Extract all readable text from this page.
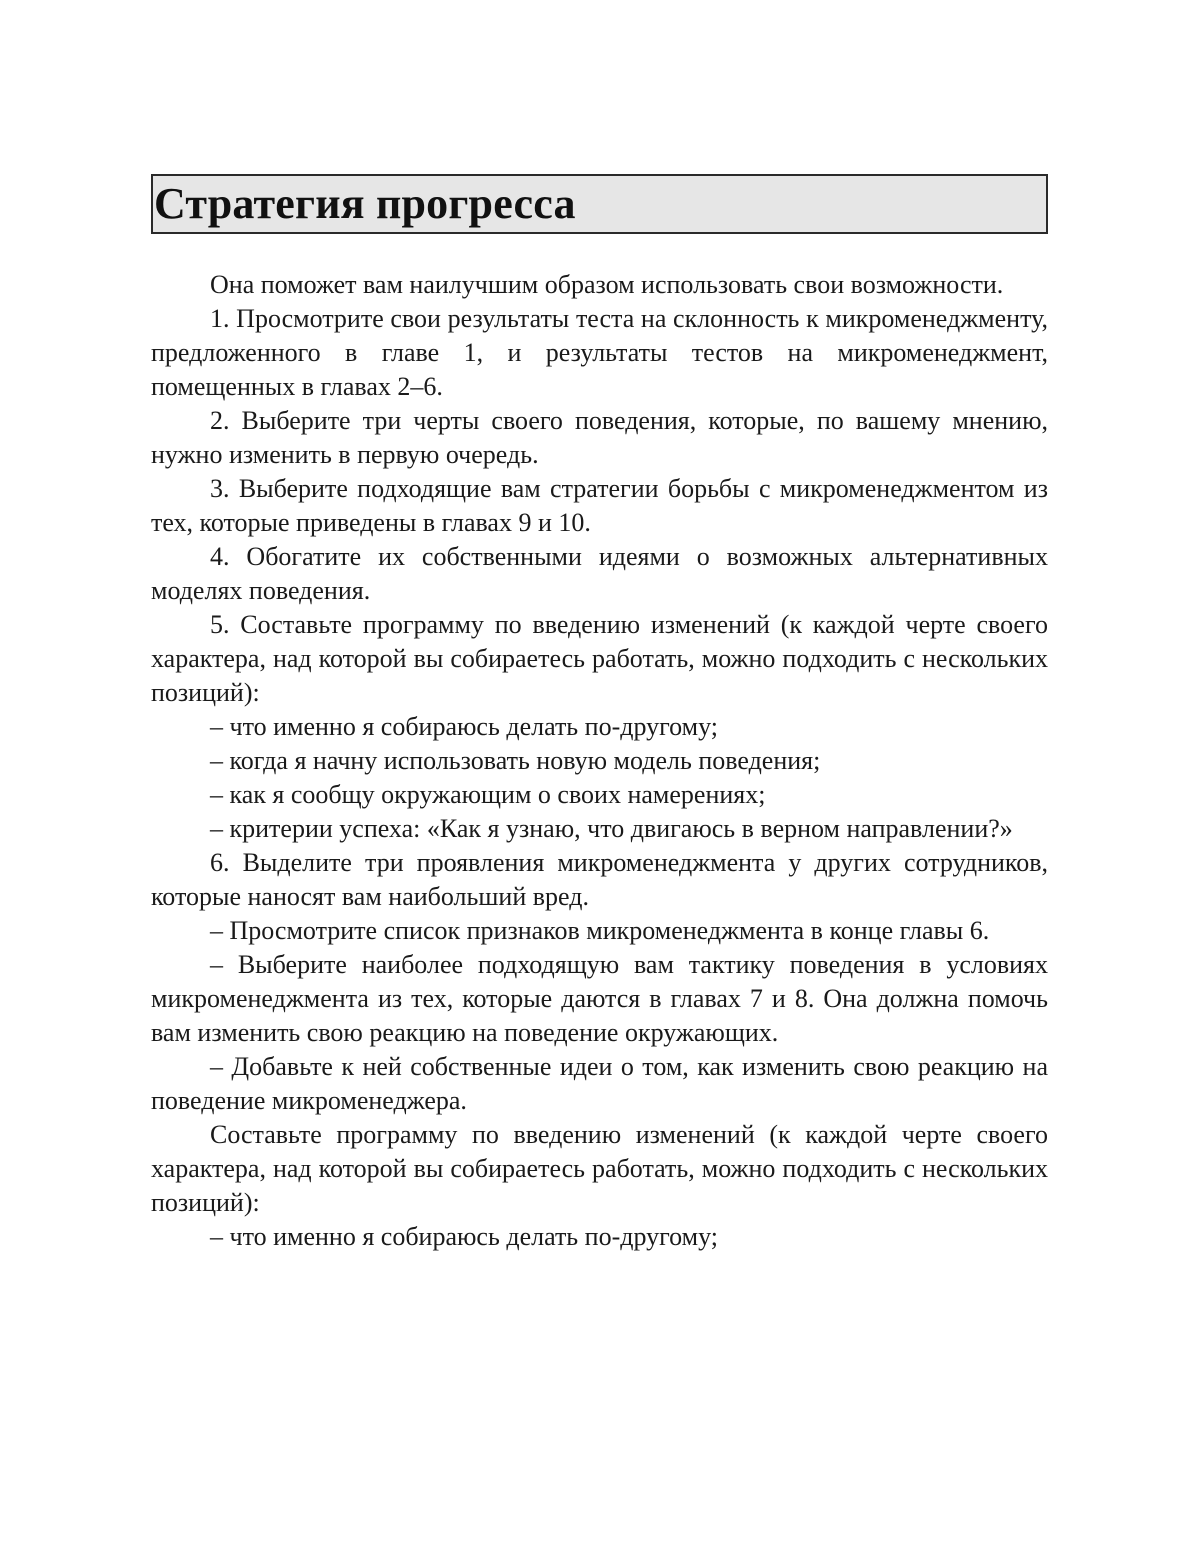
Стратегия прогресса

Она поможет вам наилучшим образом использовать свои возможности.

1. Просмотрите свои результаты теста на склонность к микроменеджменту, предложенного в главе 1, и результаты тестов на микроменеджмент, помещенных в главах 2–6.

2. Выберите три черты своего поведения, которые, по вашему мнению, нужно изменить в первую очередь.

3. Выберите подходящие вам стратегии борьбы с микроменеджментом из тех, которые приведены в главах 9 и 10.

4. Обогатите их собственными идеями о возможных альтернативных моделях поведения.

5. Составьте программу по введению изменений (к каждой черте своего характера, над которой вы собираетесь работать, можно подходить с нескольких позиций):

– что именно я собираюсь делать по-другому;

– когда я начну использовать новую модель поведения;

– как я сообщу окружающим о своих намерениях;

– критерии успеха: «Как я узнаю, что двигаюсь в верном направлении?»

6. Выделите три проявления микроменеджмента у других сотрудников, которые наносят вам наибольший вред.

– Просмотрите список признаков микроменеджмента в конце главы 6.

– Выберите наиболее подходящую вам тактику поведения в условиях микроменеджмента из тех, которые даются в главах 7 и 8. Она должна помочь вам изменить свою реакцию на поведение окружающих.

– Добавьте к ней собственные идеи о том, как изменить свою реакцию на поведение микроменеджера.

Составьте программу по введению изменений (к каждой черте своего характера, над которой вы собираетесь работать, можно подходить с нескольких позиций):

– что именно я собираюсь делать по-другому;
